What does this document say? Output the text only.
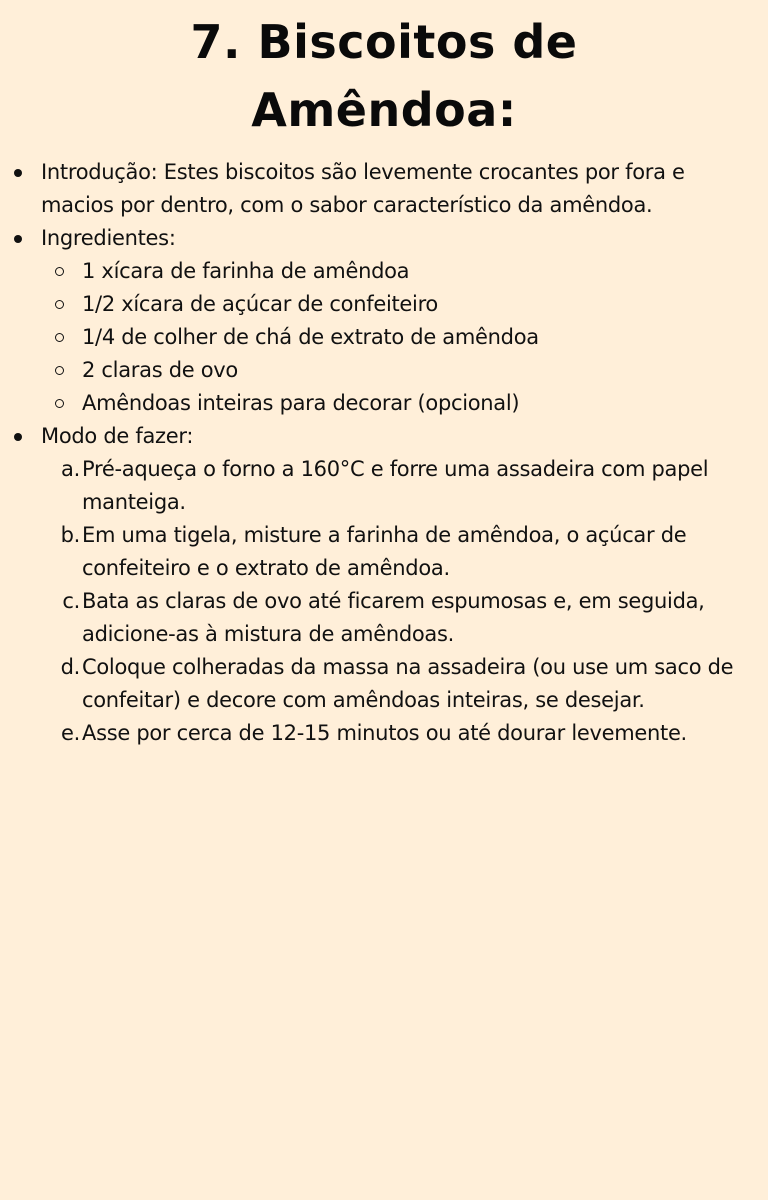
7. Biscoitos de
Amêndoa:
Introdução: Estes biscoitos são levemente crocantes por fora e macios por dentro, com o sabor característico da amêndoa.
Ingredientes:
1 xícara de farinha de amêndoa
1/2 xícara de açúcar de confeiteiro
1/4 de colher de chá de extrato de amêndoa
2 claras de ovo
Amêndoas inteiras para decorar (opcional)
Modo de fazer:
a. Pré-aqueça o forno a 160°C e forre uma assadeira com papel manteiga.
b. Em uma tigela, misture a farinha de amêndoa, o açúcar de confeiteiro e o extrato de amêndoa.
c. Bata as claras de ovo até ficarem espumosas e, em seguida, adicione-as à mistura de amêndoas.
d. Coloque colheradas da massa na assadeira (ou use um saco de confeitar) e decore com amêndoas inteiras, se desejar.
e. Asse por cerca de 12-15 minutos ou até dourar levemente.
